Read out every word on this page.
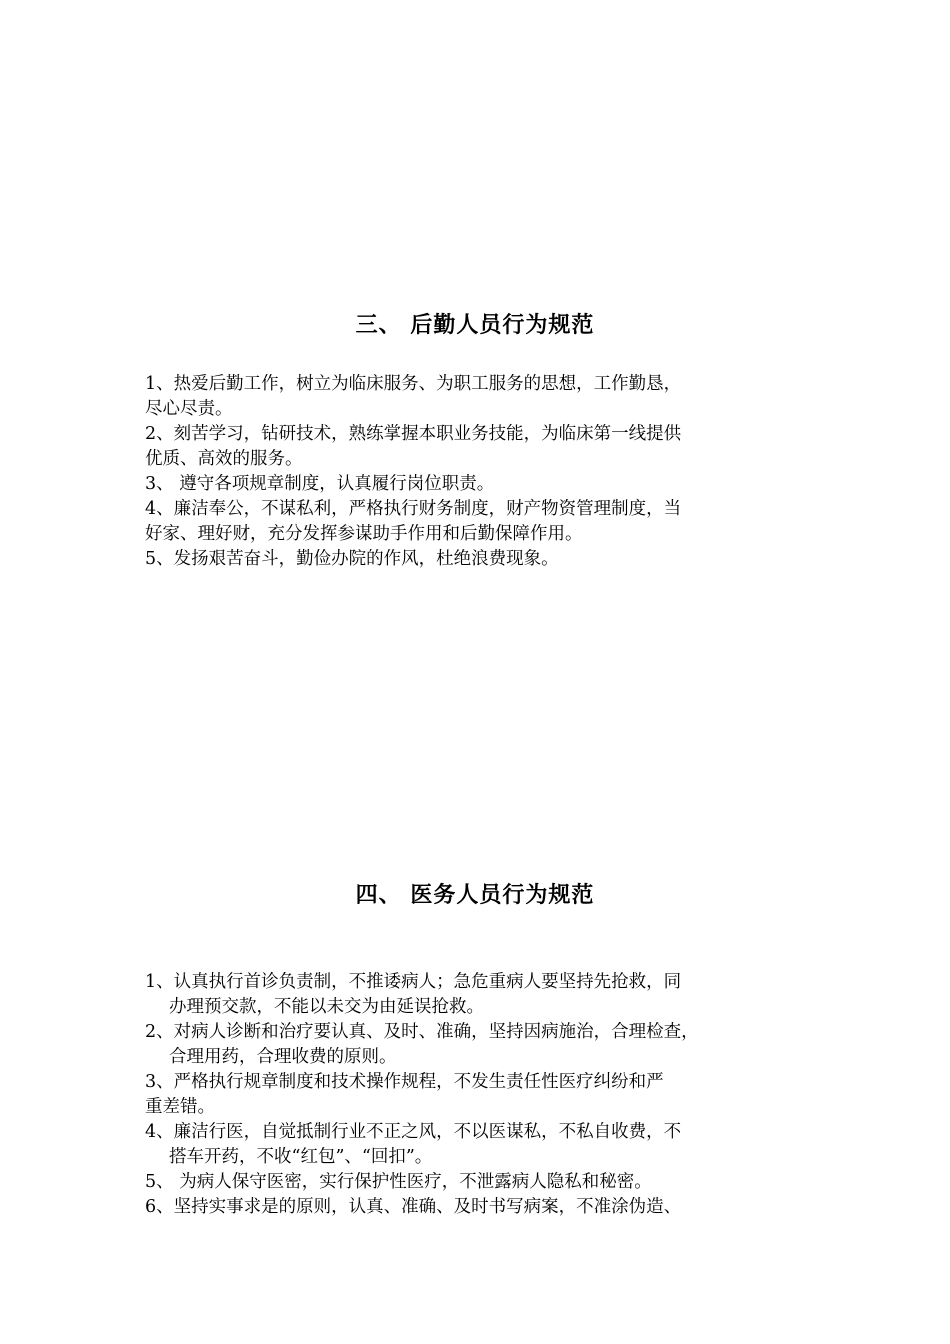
三、 后勤人员行为规范
1、热爱后勤工作，树立为临床服务、为职工服务的思想，工作勤恳，
尽心尽责。
2、刻苦学习，钻研技术，熟练掌握本职业务技能，为临床第一线提供
优质、高效的服务。
3、 遵守各项规章制度，认真履行岗位职责。
4、廉洁奉公，不谋私利，严格执行财务制度，财产物资管理制度，当
好家、理好财，充分发挥参谋助手作用和后勤保障作用。
5、发扬艰苦奋斗，勤俭办院的作风，杜绝浪费现象。
四、 医务人员行为规范
1、认真执行首诊负责制，不推诿病人；急危重病人要坚持先抢救，同
办理预交款，不能以未交为由延误抢救。
2、对病人诊断和治疗要认真、及时、准确，坚持因病施治，合理检查，
合理用药，合理收费的原则。
3、严格执行规章制度和技术操作规程，不发生责任性医疗纠纷和严
重差错。
4、廉洁行医，自觉抵制行业不正之风，不以医谋私，不私自收费，不
搭车开药，不收“红包”、“回扣”。
5、 为病人保守医密，实行保护性医疗，不泄露病人隐私和秘密。
6、坚持实事求是的原则，认真、准确、及时书写病案，不准涂伪造、
